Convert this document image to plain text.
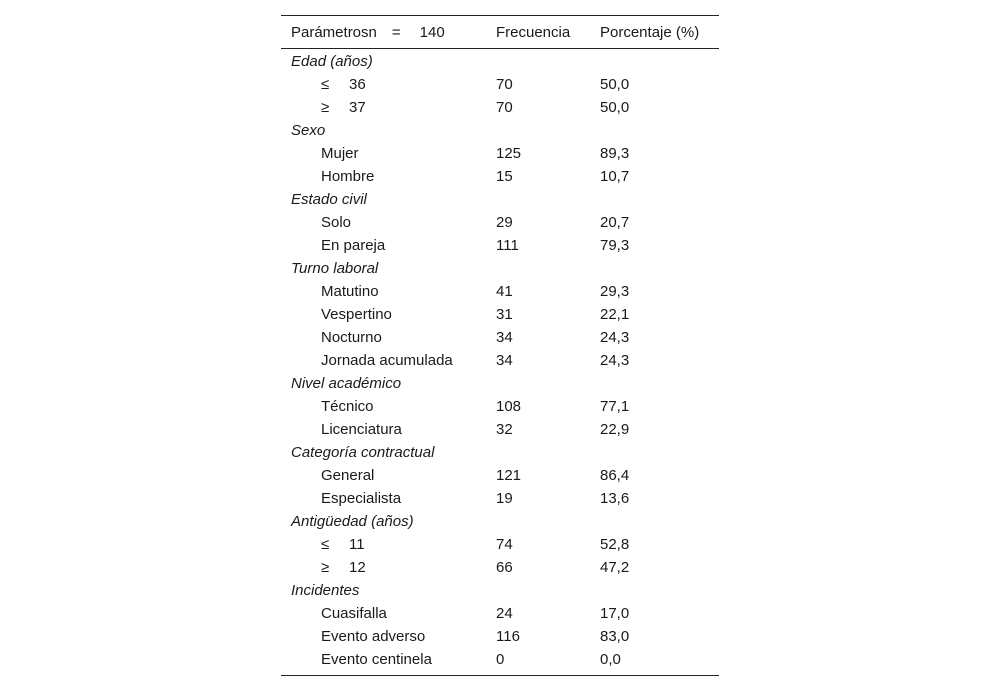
Parámetrosn = 140	Frecuencia	Porcentaje (%)
Edad (años)
≤ 36	70	50,0
≥ 37	70	50,0
Sexo
Mujer	125	89,3
Hombre	15	10,7
Estado civil
Solo	29	20,7
En pareja	111	79,3
Turno laboral
Matutino	41	29,3
Vespertino	31	22,1
Nocturno	34	24,3
Jornada acumulada	34	24,3
Nivel académico
Técnico	108	77,1
Licenciatura	32	22,9
Categoría contractual
General	121	86,4
Especialista	19	13,6
Antigüedad (años)
≤ 11	74	52,8
≥ 12	66	47,2
Incidentes
Cuasifalla	24	17,0
Evento adverso	116	83,0
Evento centinela	0	0,0
